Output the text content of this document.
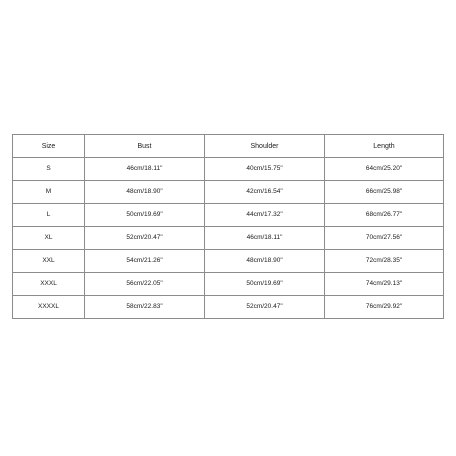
Size	Bust	Shoulder	Length
S	46cm/18.11"	40cm/15.75"	64cm/25.20"
M	48cm/18.90"	42cm/16.54"	66cm/25.98"
L	50cm/19.69"	44cm/17.32"	68cm/26.77"
XL	52cm/20.47"	46cm/18.11"	70cm/27.56"
XXL	54cm/21.26"	48cm/18.90"	72cm/28.35"
XXXL	56cm/22.05"	50cm/19.69"	74cm/29.13"
XXXXL	58cm/22.83"	52cm/20.47"	76cm/29.92"
